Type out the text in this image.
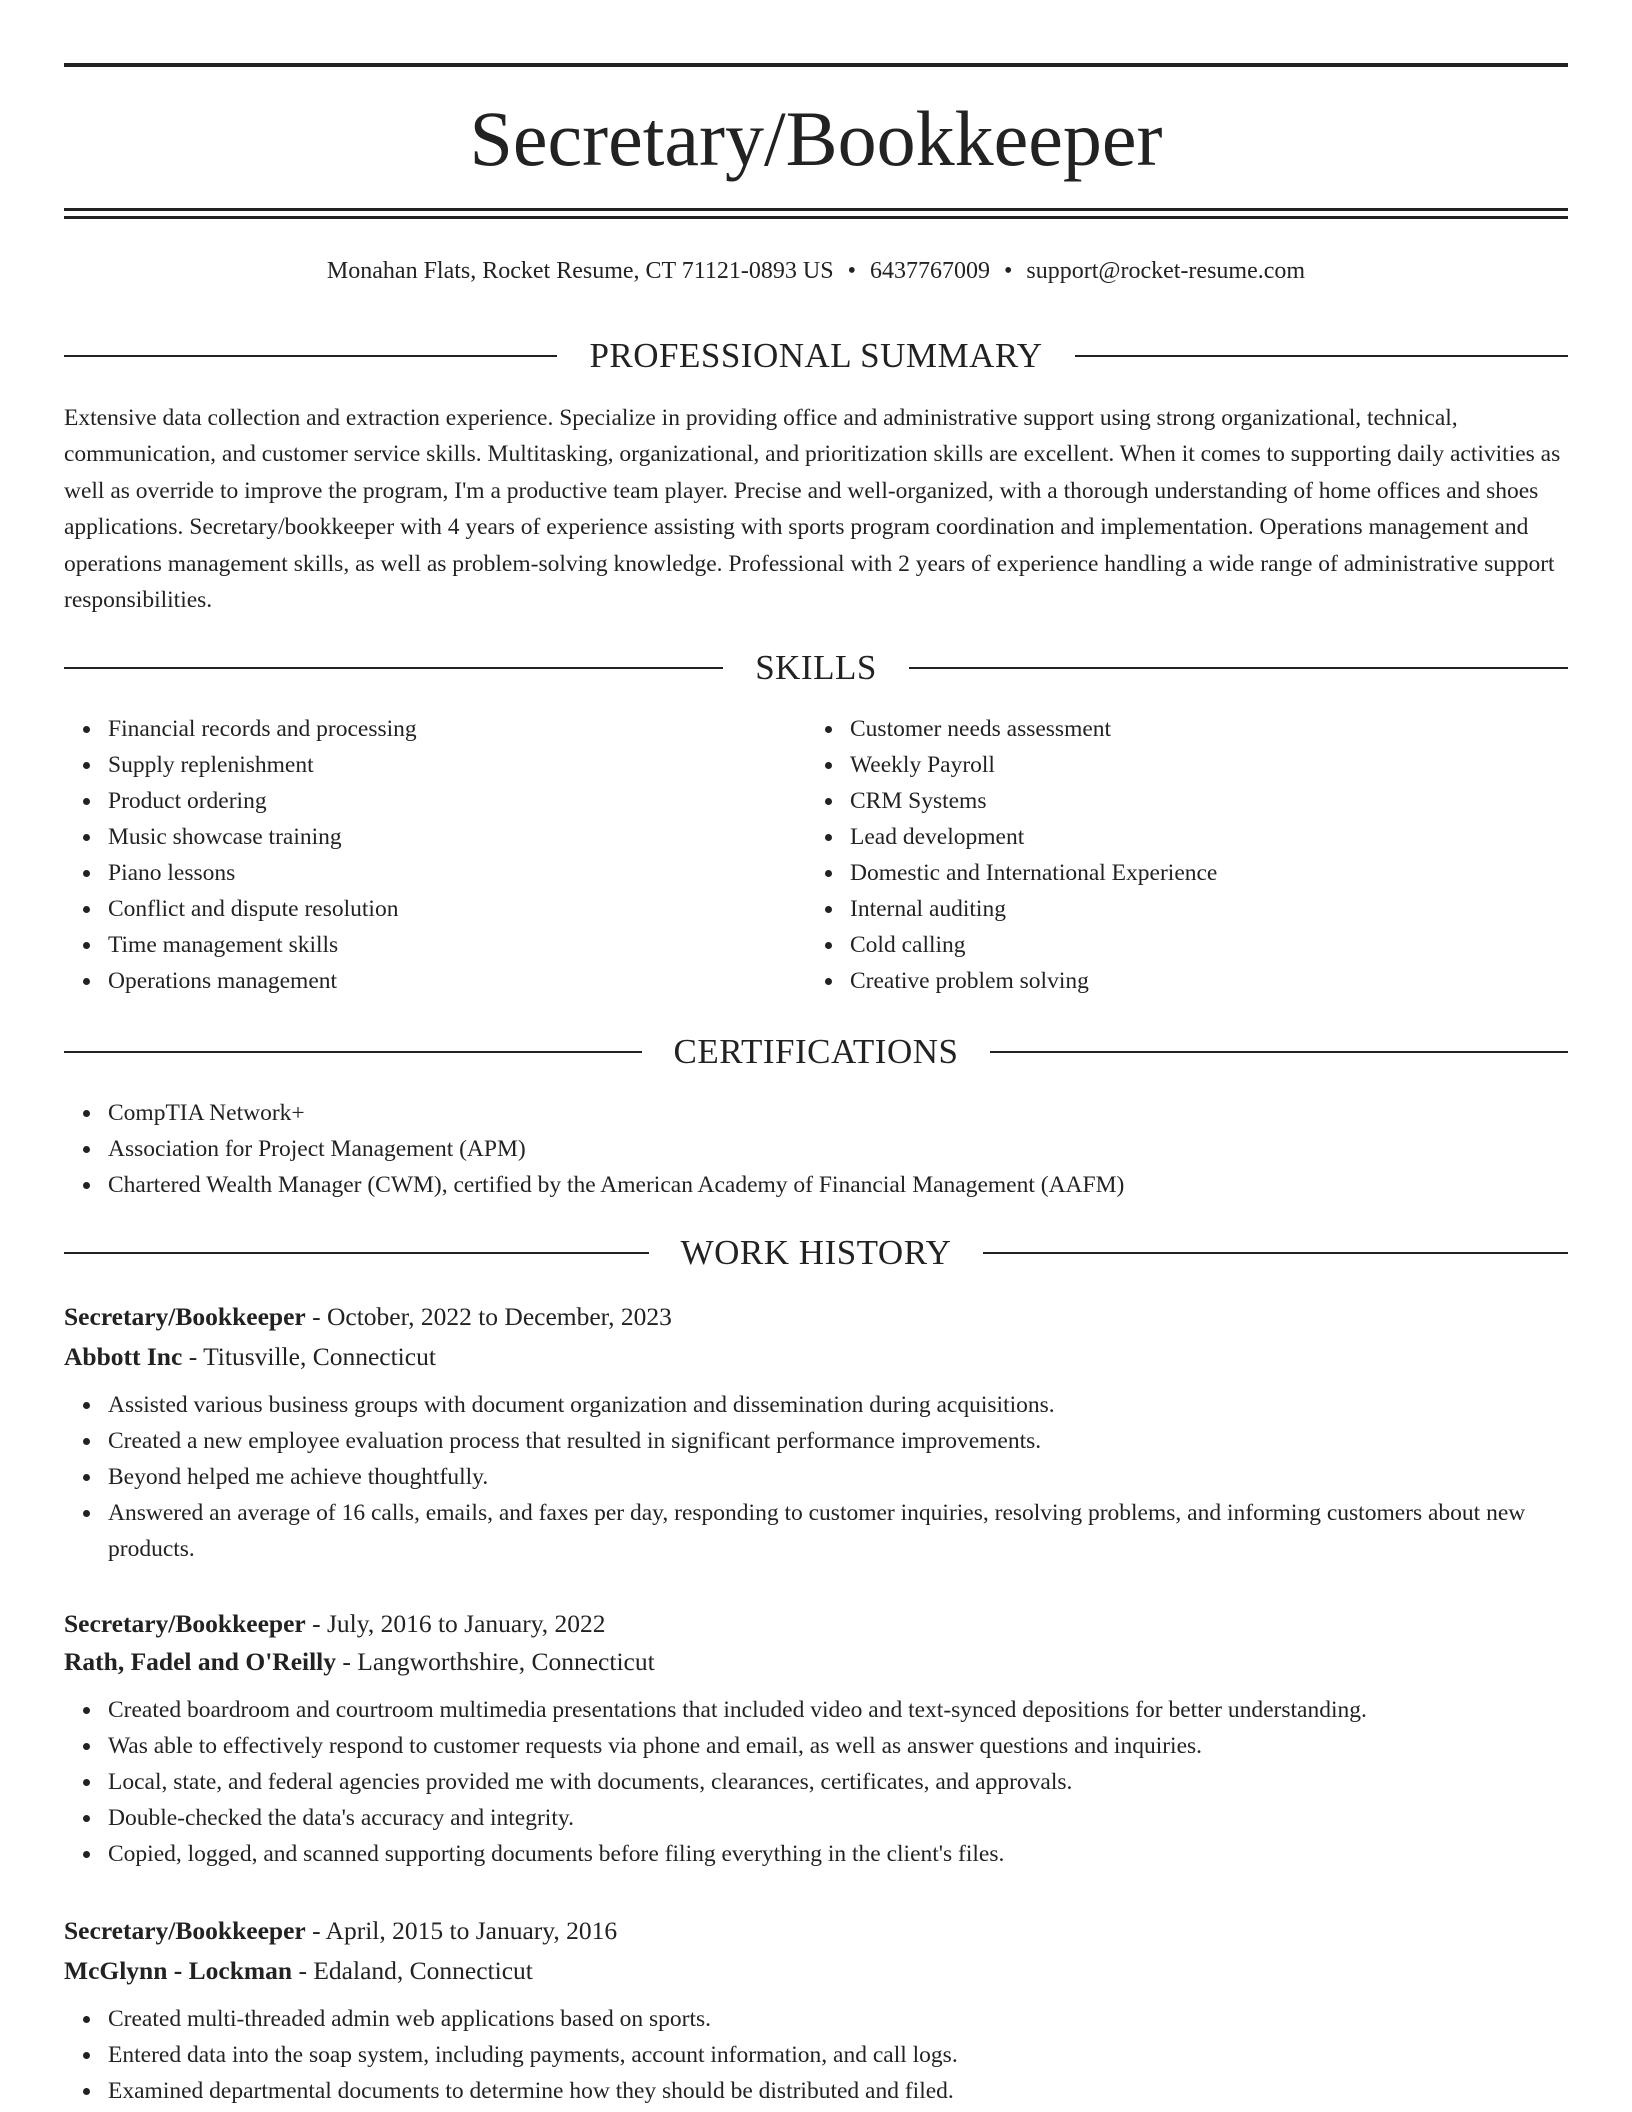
Secretary/Bookkeeper
Monahan Flats, Rocket Resume, CT 71121-0893 US • 6437767009 • support@rocket-resume.com
PROFESSIONAL SUMMARY

Extensive data collection and extraction experience. Specialize in providing office and administrative support using strong organizational, technical, communication, and customer service skills. Multitasking, organizational, and prioritization skills are excellent. When it comes to supporting daily activities as well as override to improve the program, I'm a productive team player. Precise and well-organized, with a thorough understanding of home offices and shoes applications. Secretary/bookkeeper with 4 years of experience assisting with sports program coordination and implementation. Operations management and operations management skills, as well as problem-solving knowledge. Professional with 2 years of experience handling a wide range of administrative support responsibilities.

SKILLS
Financial records and processing
Supply replenishment
Product ordering
Music showcase training
Piano lessons
Conflict and dispute resolution
Time management skills
Operations management
Customer needs assessment
Weekly Payroll
CRM Systems
Lead development
Domestic and International Experience
Internal auditing
Cold calling
Creative problem solving
CERTIFICATIONS
CompTIA Network+
Association for Project Management (APM)
Chartered Wealth Manager (CWM), certified by the American Academy of Financial Management (AAFM)
WORK HISTORY
Secretary/Bookkeeper - October, 2022 to December, 2023
Abbott Inc - Titusville, Connecticut
Assisted various business groups with document organization and dissemination during acquisitions.
Created a new employee evaluation process that resulted in significant performance improvements.
Beyond helped me achieve thoughtfully.
Answered an average of 16 calls, emails, and faxes per day, responding to customer inquiries, resolving problems, and informing customers about new products.
Secretary/Bookkeeper - July, 2016 to January, 2022
Rath, Fadel and O'Reilly - Langworthshire, Connecticut
Created boardroom and courtroom multimedia presentations that included video and text-synced depositions for better understanding.
Was able to effectively respond to customer requests via phone and email, as well as answer questions and inquiries.
Local, state, and federal agencies provided me with documents, clearances, certificates, and approvals.
Double-checked the data's accuracy and integrity.
Copied, logged, and scanned supporting documents before filing everything in the client's files.
Secretary/Bookkeeper - April, 2015 to January, 2016
McGlynn - Lockman - Edaland, Connecticut
Created multi-threaded admin web applications based on sports.
Entered data into the soap system, including payments, account information, and call logs.
Examined departmental documents to determine how they should be distributed and filed.
